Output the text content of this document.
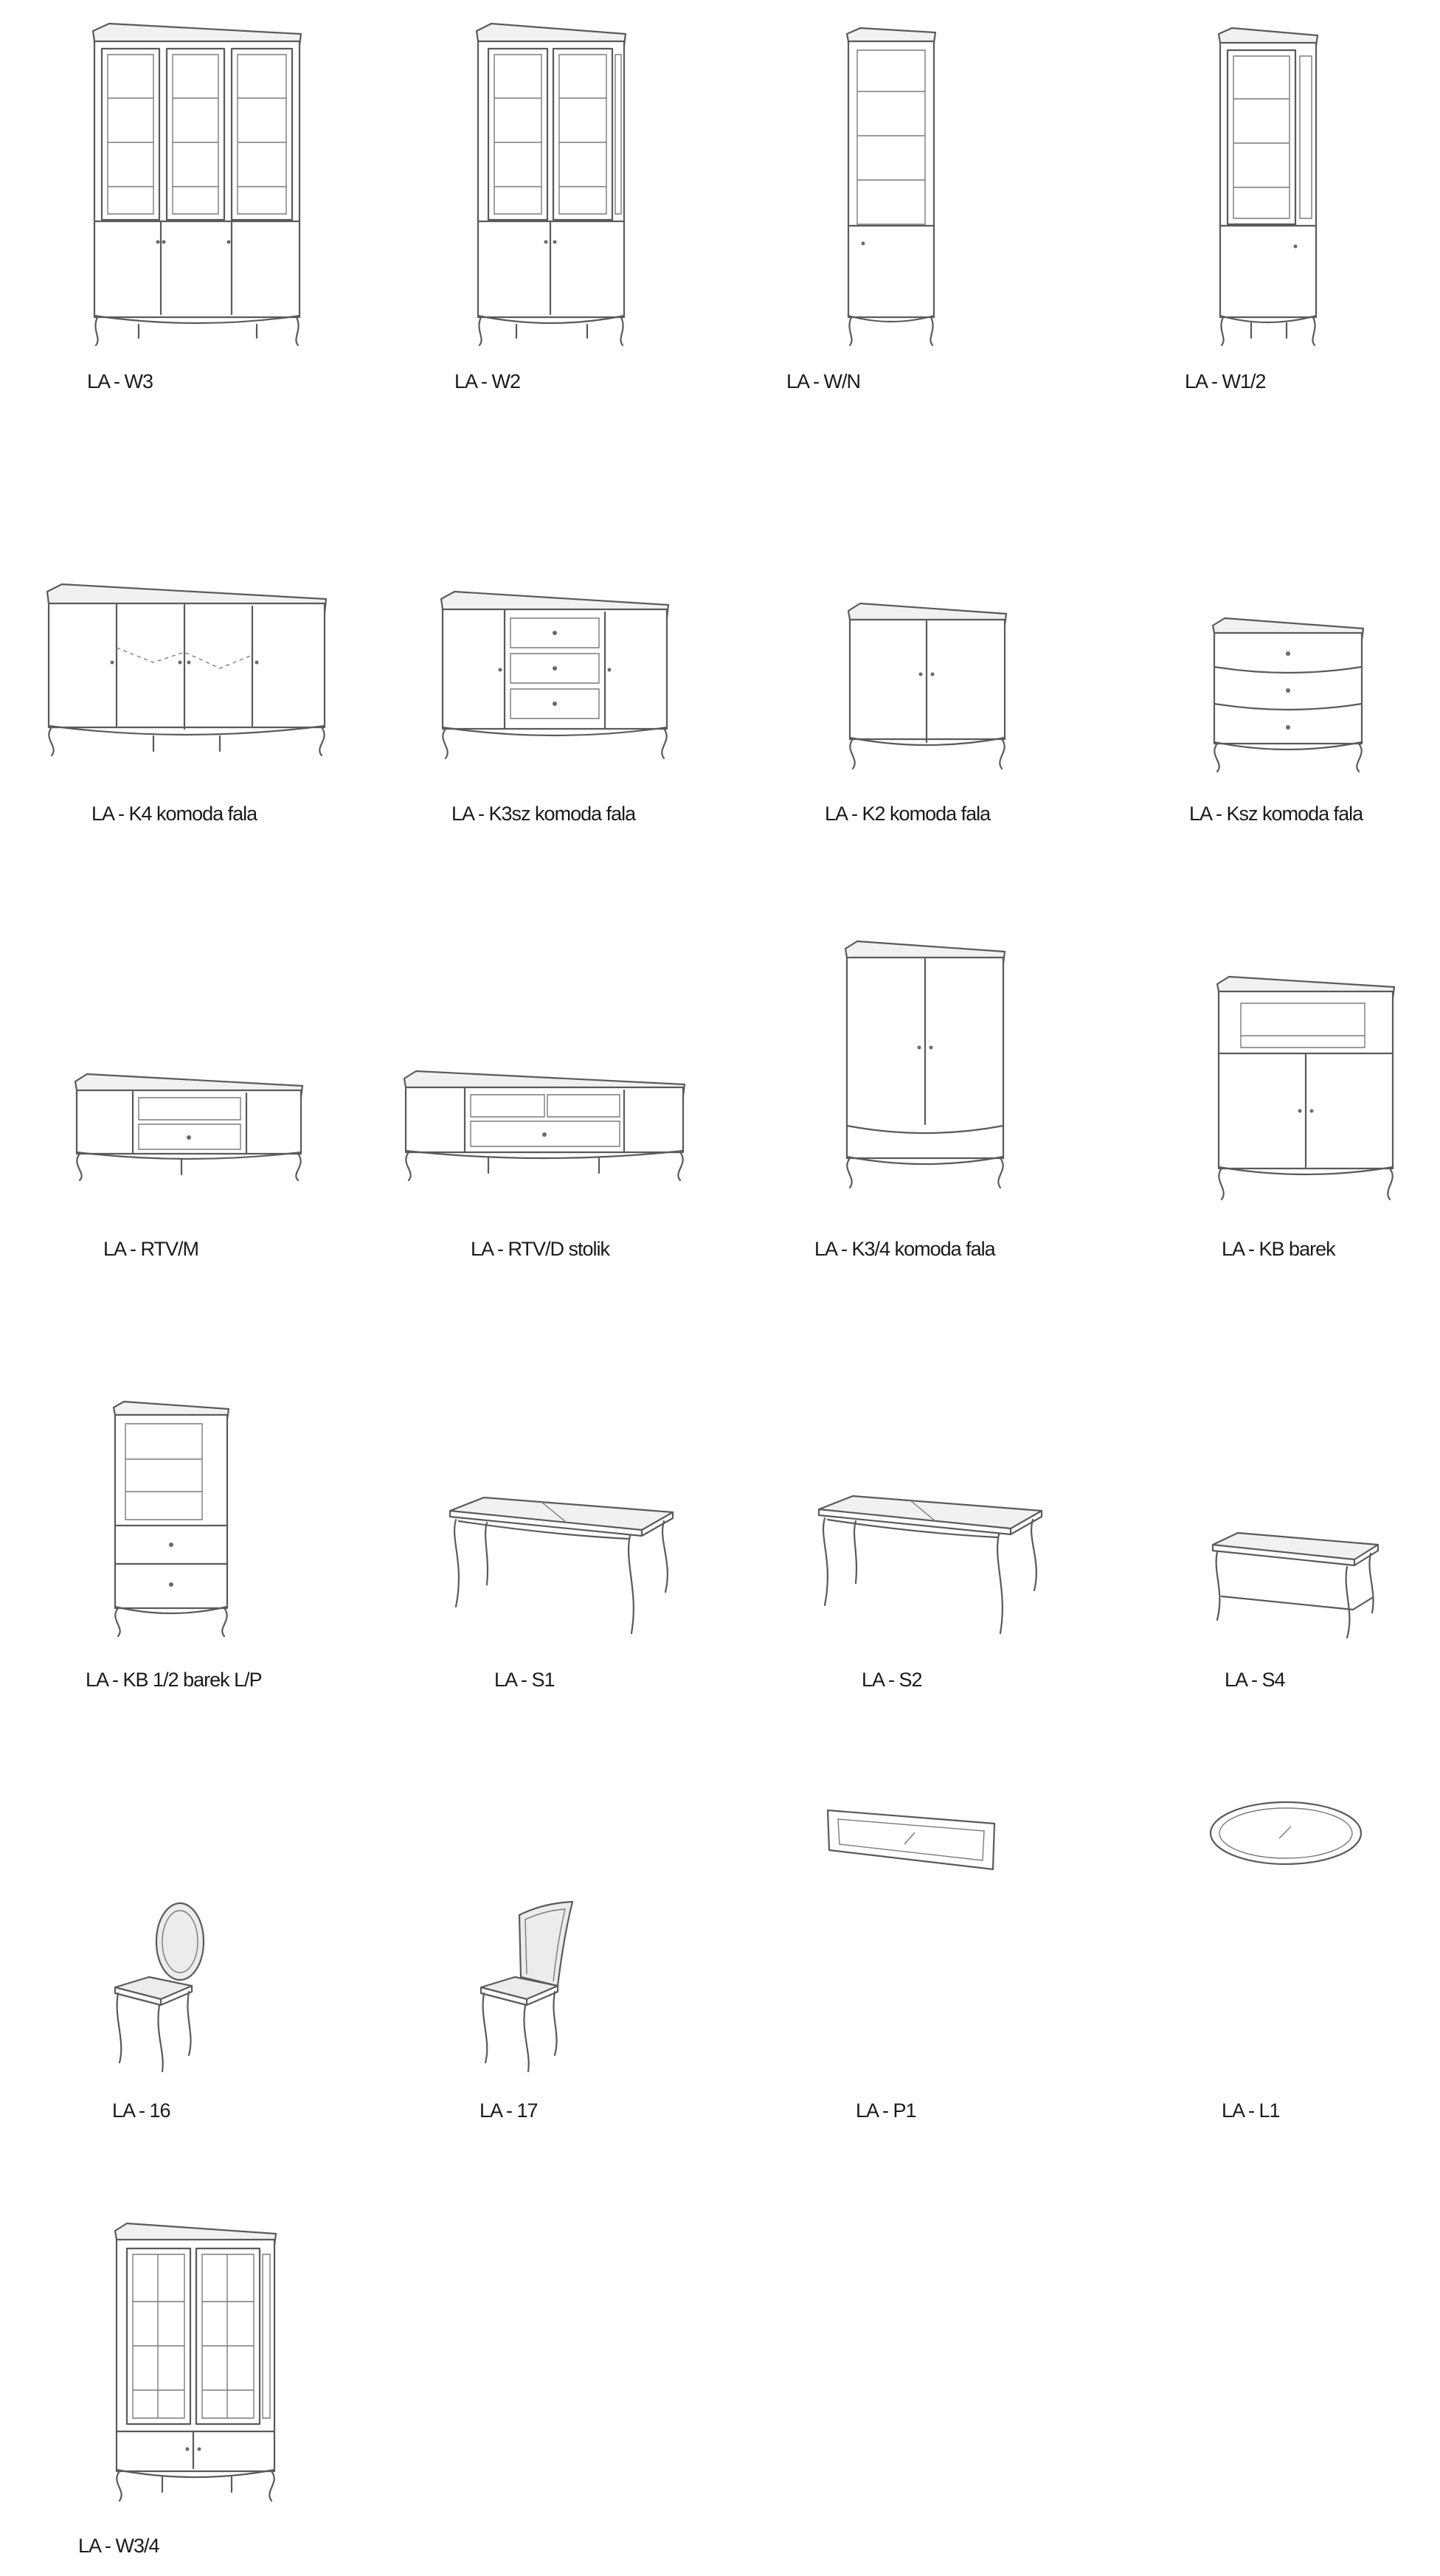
LA - W3	LA - W2	LA - W/N	LA - W1/2
LA - K4 komoda fala	LA - K3sz komoda fala	LA - K2 komoda fala	LA - Ksz komoda fala
LA - RTV/M	LA - RTV/D stolik	LA - K3/4 komoda fala	LA - KB barek
LA - KB 1/2 barek L/P	LA - S1	LA - S2	LA - S4
LA - 16	LA - 17	LA - P1	LA - L1
LA - W3/4
